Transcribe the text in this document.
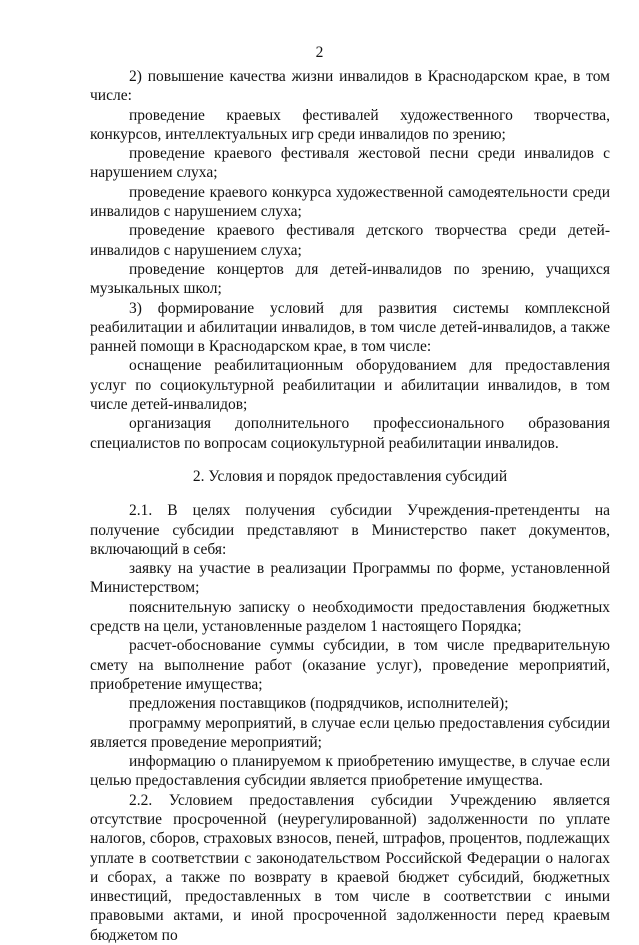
2

2) повышение качества жизни инвалидов в Краснодарском крае, в том числе:

проведение краевых фестивалей художественного творчества, конкурсов, интеллектуальных игр среди инвалидов по зрению;

проведение краевого фестиваля жестовой песни среди инвалидов с нарушением слуха;

проведение краевого конкурса художественной самодеятельности среди инвалидов с нарушением слуха;

проведение краевого фестиваля детского творчества среди детей-инвалидов с нарушением слуха;

проведение концертов для детей-инвалидов по зрению, учащихся музыкальных школ;

3) формирование условий для развития системы комплексной реабилитации и абилитации инвалидов, в том числе детей-инвалидов, а также ранней помощи в Краснодарском крае, в том числе:

оснащение реабилитационным оборудованием для предоставления услуг по социокультурной реабилитации и абилитации инвалидов, в том числе детей-инвалидов;

организация дополнительного профессионального образования специалистов по вопросам социокультурной реабилитации инвалидов.

2. Условия и порядок предоставления субсидий

2.1. В целях получения субсидии Учреждения-претенденты на получение субсидии представляют в Министерство пакет документов, включающий в себя:

заявку на участие в реализации Программы по форме, установленной Министерством;

пояснительную записку о необходимости предоставления бюджетных средств на цели, установленные разделом 1 настоящего Порядка;

расчет-обоснование суммы субсидии, в том числе предварительную смету на выполнение работ (оказание услуг), проведение мероприятий, приобретение имущества;

предложения поставщиков (подрядчиков, исполнителей);

программу мероприятий, в случае если целью предоставления субсидии является проведение мероприятий;

информацию о планируемом к приобретению имуществе, в случае если целью предоставления субсидии является приобретение имущества.

2.2. Условием предоставления субсидии Учреждению является отсутствие просроченной (неурегулированной) задолженности по уплате налогов, сборов, страховых взносов, пеней, штрафов, процентов, подлежащих уплате в соответствии с законодательством Российской Федерации о налогах и сборах, а также по возврату в краевой бюджет субсидий, бюджетных инвестиций, предоставленных в том числе в соответствии с иными правовыми актами, и иной просроченной задолженности перед краевым бюджетом по
